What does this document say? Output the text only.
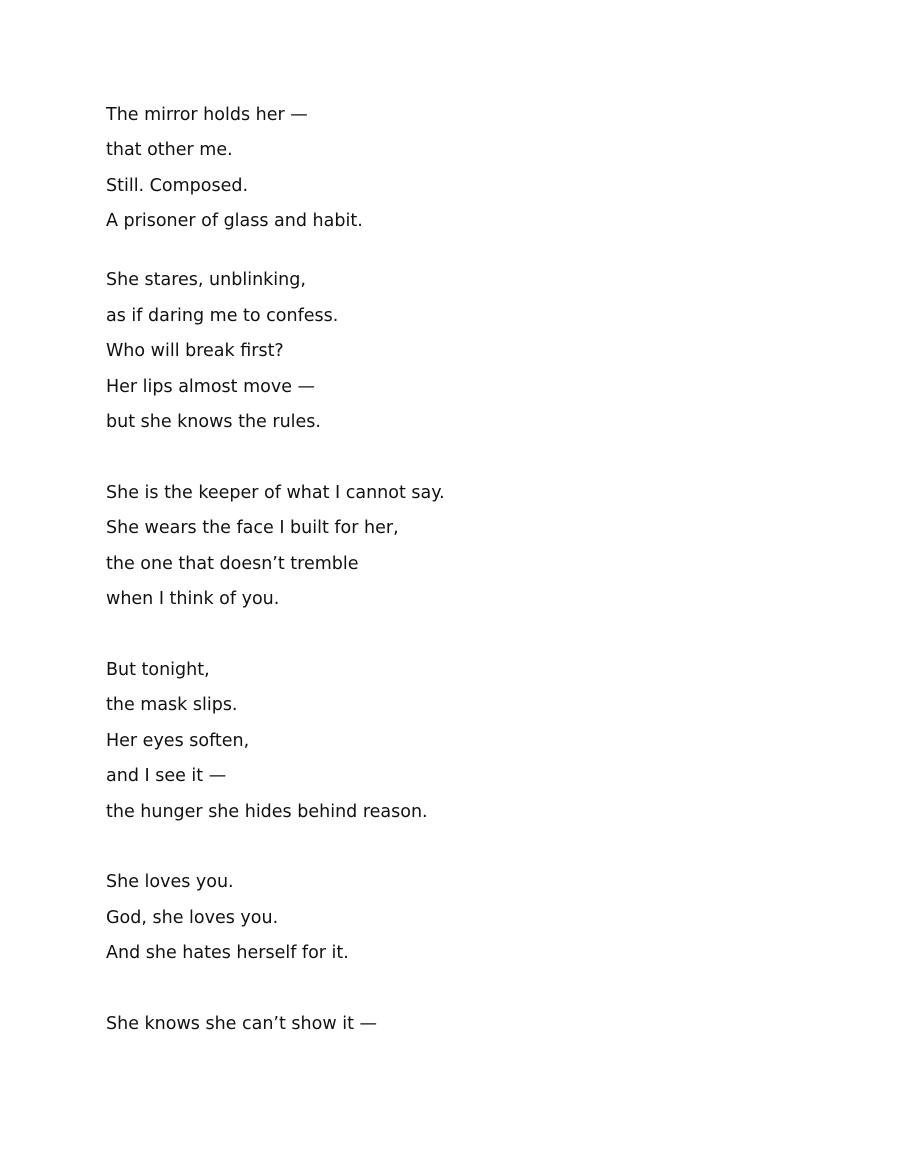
The mirror holds her —

that other me.

Still. Composed.

A prisoner of glass and habit.

She stares, unblinking,

as if daring me to confess.

Who will break first?

Her lips almost move —

but she knows the rules.

She is the keeper of what I cannot say.

She wears the face I built for her,

the one that doesn’t tremble

when I think of you.

But tonight,

the mask slips.

Her eyes soften,

and I see it —

the hunger she hides behind reason.

She loves you.

God, she loves you.

And she hates herself for it.

She knows she can’t show it —
